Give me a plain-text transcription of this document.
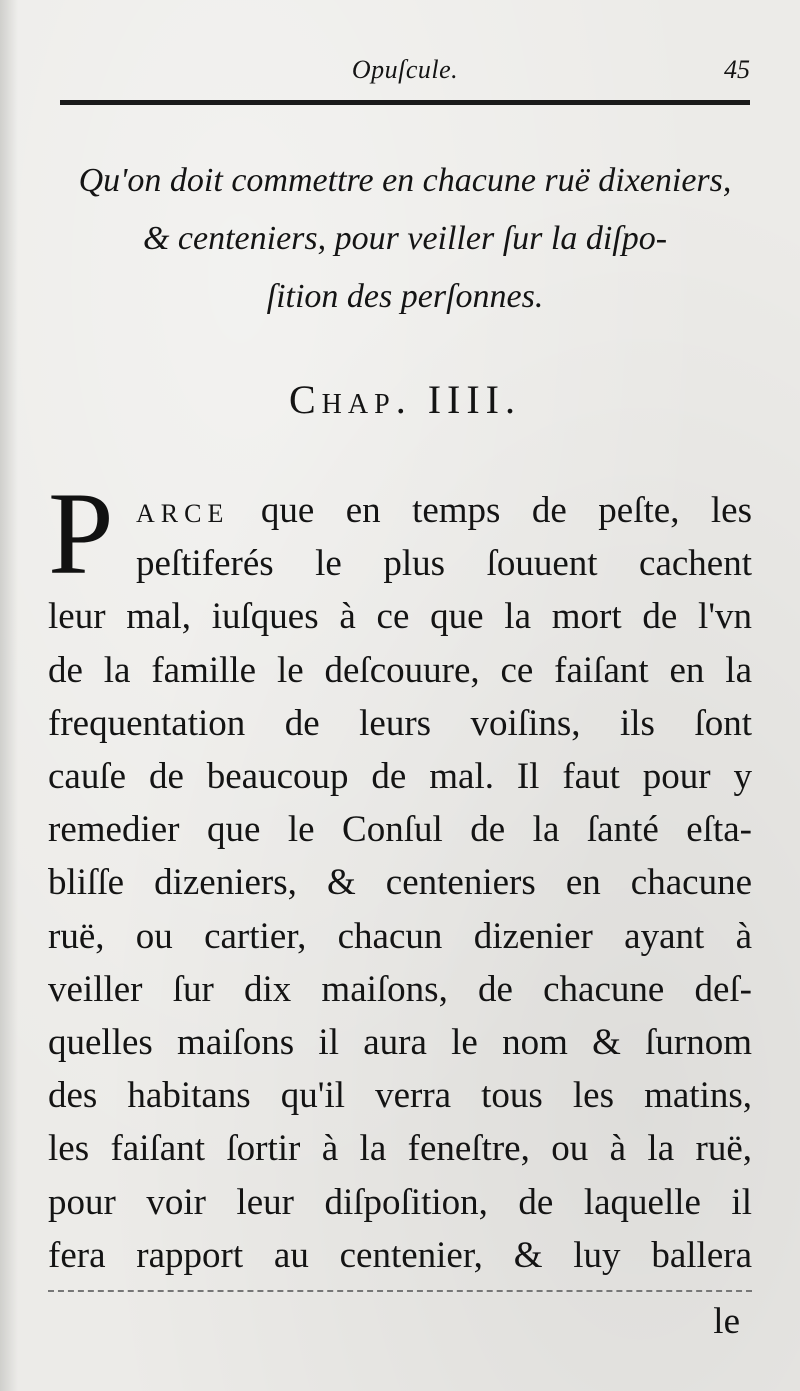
Opuſcule.	45
Qu'on doit commettre en chacune ruë dixeniers,
& centeniers, pour veiller ſur la diſpo-
ſition des perſonnes.
Chap. IIII.
P arce que en temps de peſte, les
peſtiferés le plus ſouuent cachent
leur mal, iuſques à ce que la mort de l'vn
de la famille le deſcouure, ce faiſant en la
frequentation de leurs voiſins, ils ſont
cauſe de beaucoup de mal. Il faut pour y
remedier que le Conſul de la ſanté eſta-
bliſſe dizeniers, & centeniers en chacune
ruë, ou cartier, chacun dizenier ayant à
veiller ſur dix maiſons, de chacune deſ-
quelles maiſons il aura le nom & ſurnom
des habitans qu'il verra tous les matins,
les faiſant ſortir à la feneſtre, ou à la ruë,
pour voir leur diſpoſition, de laquelle il
fera rapport au centenier, & luy ballera
le
